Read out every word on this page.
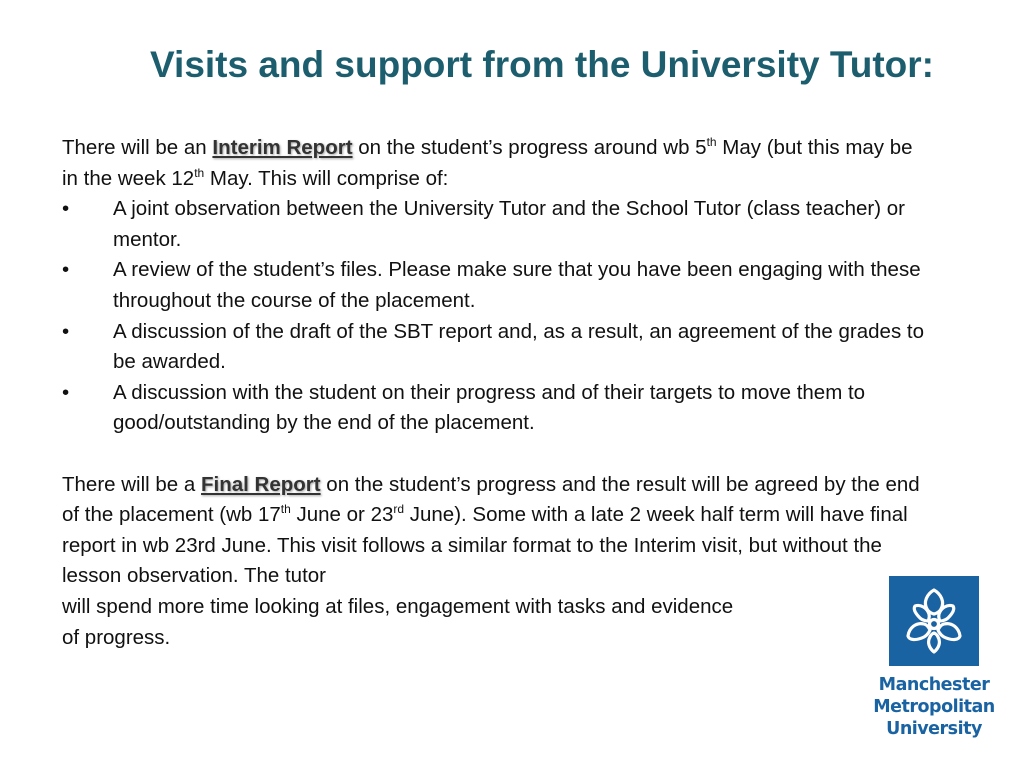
Visits and support from the University Tutor:

There will be an Interim Report on the student’s progress around wb 5th May (but this may be in the week 12th May. This will comprise of:

•	A joint observation between the University Tutor and the School Tutor (class teacher) or mentor.
•	A review of the student’s files. Please make sure that you have been engaging with these throughout the course of the placement.
•	A discussion of the draft of the SBT report and, as a result, an agreement of the grades to be awarded.
•	A discussion with the student on their progress and of their targets to move them to good/outstanding by the end of the placement.

There will be a Final Report on the student’s progress and the result will be agreed by the end of the placement (wb 17th June or 23rd June). Some with a late 2 week half term will have final report in wb 23rd June. This visit follows a similar format to the Interim visit, but without the lesson observation. The tutor
will spend more time looking at files, engagement with tasks and evidence
of progress.

Manchester
Metropolitan
University
